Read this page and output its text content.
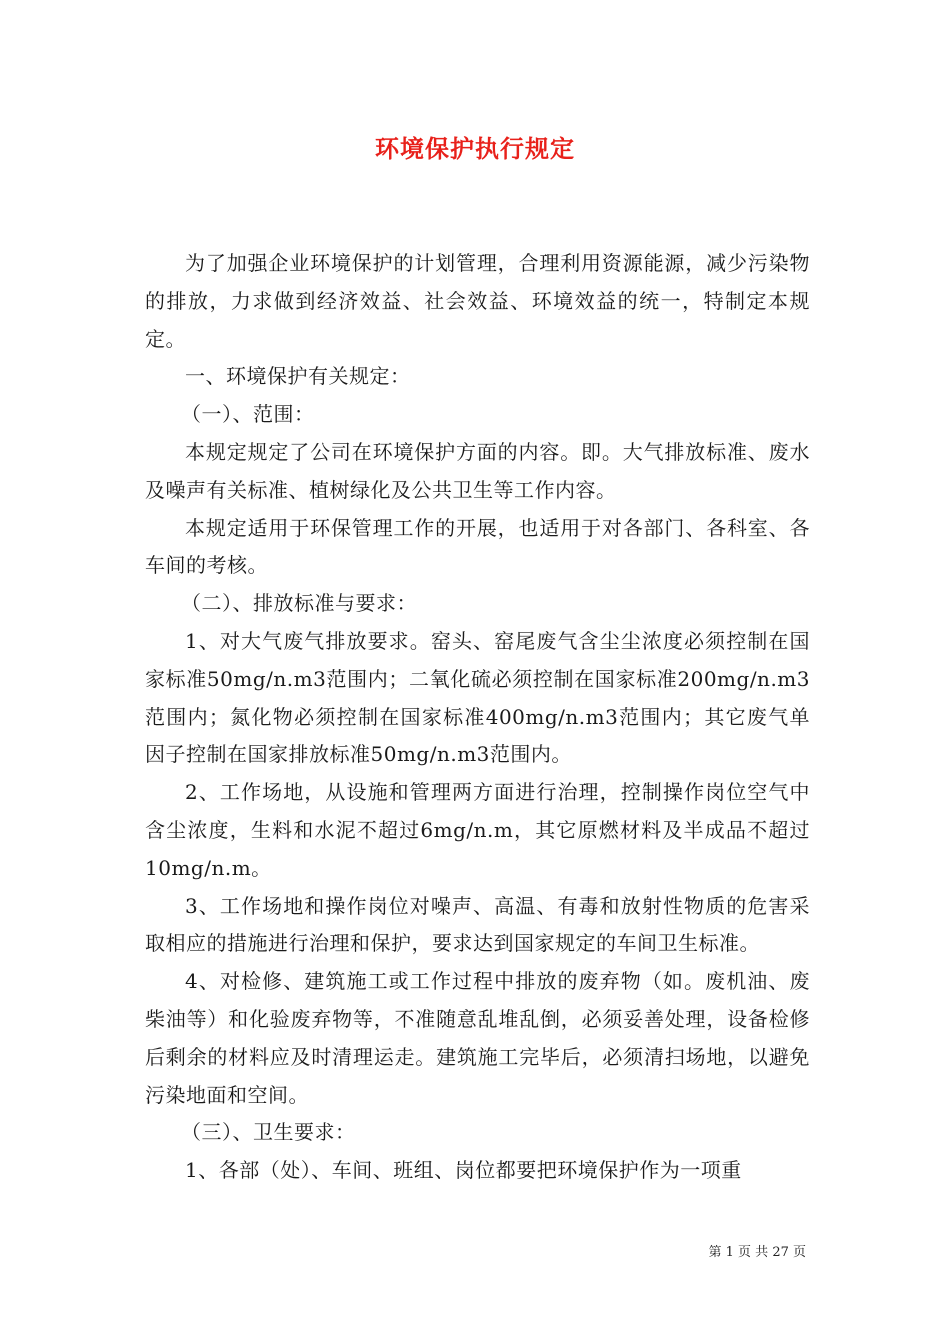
环境保护执行规定

为了加强企业环境保护的计划管理，合理利用资源能源，减少污染物的排放，力求做到经济效益、社会效益、环境效益的统一，特制定本规定。

一、环境保护有关规定：

（一）、范围：

本规定规定了公司在环境保护方面的内容。即。大气排放标准、废水及噪声有关标准、植树绿化及公共卫生等工作内容。

本规定适用于环保管理工作的开展，也适用于对各部门、各科室、各车间的考核。

（二）、排放标准与要求：

1、对大气废气排放要求。窑头、窑尾废气含尘尘浓度必须控制在国家标准50mg/n.m3范围内；二氧化硫必须控制在国家标准200mg/n.m3范围内；氮化物必须控制在国家标准400mg/n.m3范围内；其它废气单因子控制在国家排放标准50mg/n.m3范围内。

2、工作场地，从设施和管理两方面进行治理，控制操作岗位空气中含尘浓度，生料和水泥不超过6mg/n.m，其它原燃材料及半成品不超过10mg/n.m。

3、工作场地和操作岗位对噪声、高温、有毒和放射性物质的危害采取相应的措施进行治理和保护，要求达到国家规定的车间卫生标准。

4、对检修、建筑施工或工作过程中排放的废弃物（如。废机油、废柴油等）和化验废弃物等，不准随意乱堆乱倒，必须妥善处理，设备检修后剩余的材料应及时清理运走。建筑施工完毕后，必须清扫场地，以避免污染地面和空间。

（三）、卫生要求：

1、各部（处）、车间、班组、岗位都要把环境保护作为一项重

第 1 页 共 27 页
